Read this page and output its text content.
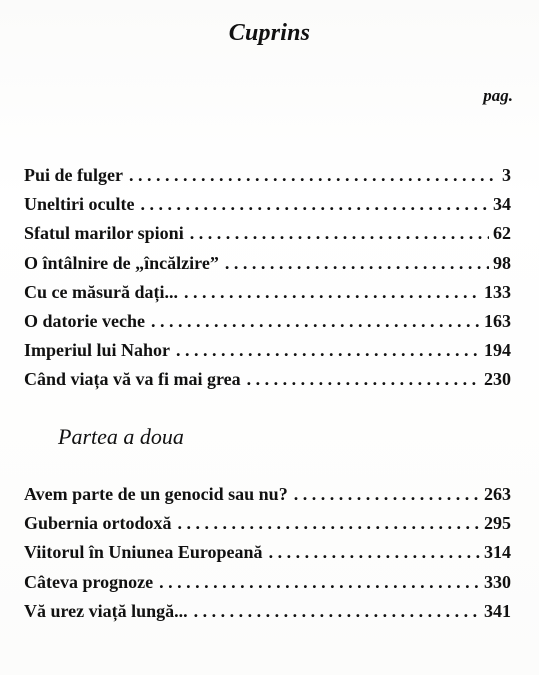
Cuprins
pag.
Pui de fulger . . .	3
Uneltiri oculte . . .	34
Sfatul marilor spioni . . .	62
O întâlnire de „încălzire” . . .	98
Cu ce măsură dați... . . .	133
O datorie veche . . .	163
Imperiul lui Nahor . . .	194
Când viața vă va fi mai grea . . .	230
Partea a doua
Avem parte de un genocid sau nu? . . .	263
Gubernia ortodoxă . . .	295
Viitorul în Uniunea Europeană . . .	314
Câteva prognoze . . .	330
Vă urez viață lungă... . . .	341
